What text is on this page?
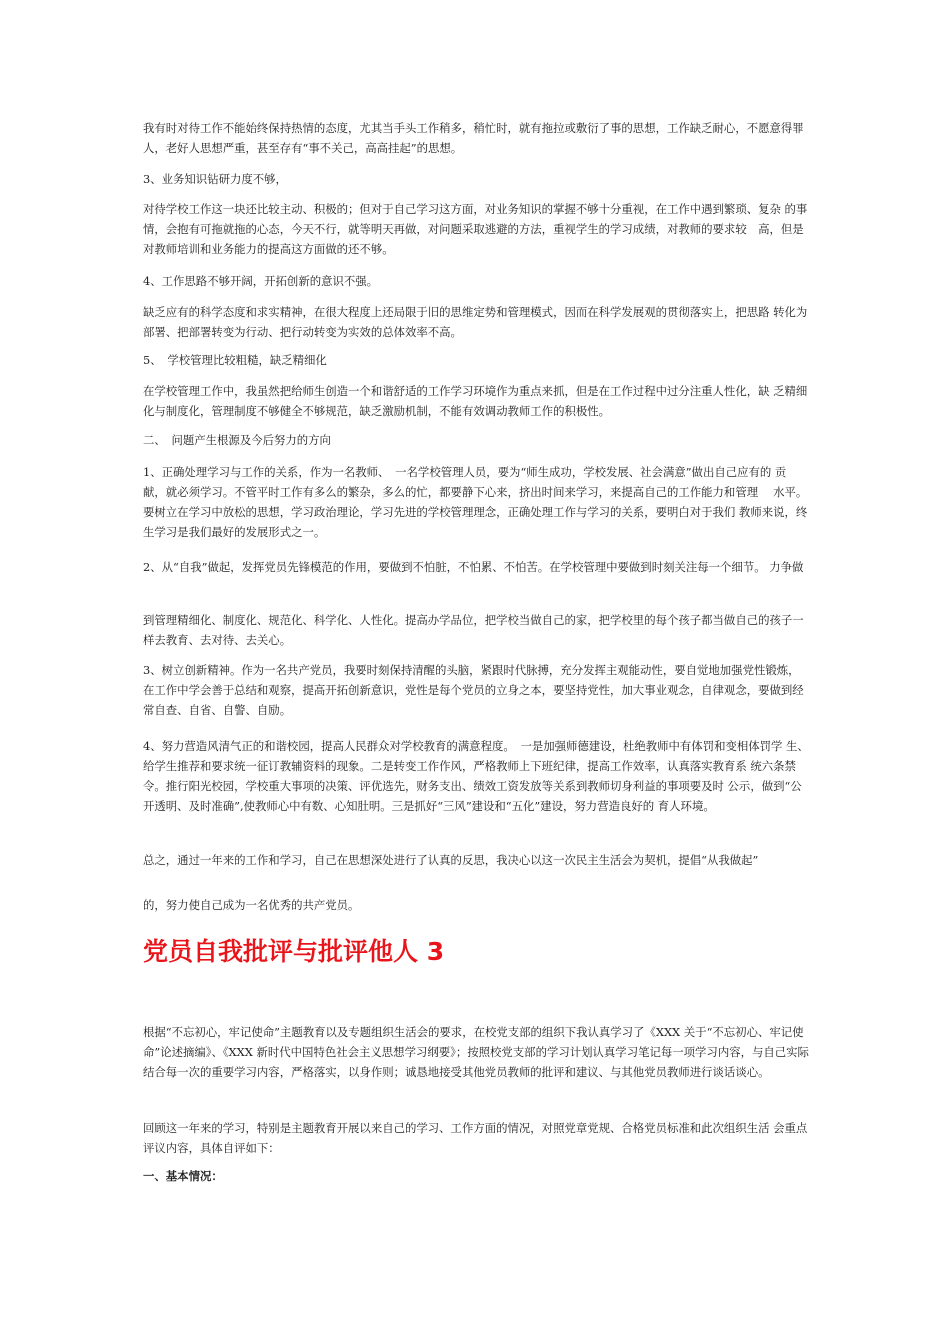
我有时对待工作不能始终保持热情的态度，尤其当手头工作稍多，稍忙时，就有拖拉或敷衍了事的思想，工作缺乏耐心，不愿意得罪人，老好人思想严重，甚至存有“事不关己，高高挂起”的思想。

3、业务知识钻研力度不够，

对待学校工作这一块还比较主动、积极的；但对于自己学习这方面，对业务知识的掌握不够十分重视，在工作中遇到繁琐、复杂 的事情，会抱有可拖就拖的心态，今天不行，就等明天再做，对问题采取逃避的方法，重视学生的学习成绩，对教师的要求较　高，但是对教师培训和业务能力的提高这方面做的还不够。

4、工作思路不够开阔，开拓创新的意识不强。

缺乏应有的科学态度和求实精神，在很大程度上还局限于旧的思维定势和管理模式，因而在科学发展观的贯彻落实上，把思路 转化为部署、把部署转变为行动、把行动转变为实效的总体效率不高。

5、　学校管理比较粗糙，缺乏精细化

在学校管理工作中，我虽然把给师生创造一个和谐舒适的工作学习环境作为重点来抓，但是在工作过程中过分注重人性化，缺 乏精细化与制度化，管理制度不够健全不够规范，缺乏激励机制，不能有效调动教师工作的积极性。

二、　问题产生根源及今后努力的方向

1、正确处理学习与工作的关系，作为一名教师、　一名学校管理人员，要为“师生成功，学校发展、社会满意”做出自己应有的 贡献，就必须学习。不管平时工作有多么的繁杂，多么的忙，都要静下心来，挤出时间来学习，来提高自己的工作能力和管理　 水平。要树立在学习中放松的思想，学习政治理论，学习先进的学校管理理念，正确处理工作与学习的关系，要明白对于我们 教师来说，终生学习是我们最好的发展形式之一。

2、从“自我”做起，发挥党员先锋模范的作用，要做到不怕脏，不怕累、不怕苦。在学校管理中要做到时刻关注每一个细节。 力争做

到管理精细化、制度化、规范化、科学化、人性化。提高办学品位，把学校当做自己的家，把学校里的每个孩子都当做自己的孩子一样去教育、去对待、去关心。

3、树立创新精神。作为一名共产党员，我要时刻保持清醒的头脑，紧跟时代脉搏，充分发挥主观能动性，要自觉地加强党性锻炼，在工作中学会善于总结和观察，提高开拓创新意识，党性是每个党员的立身之本，要坚持党性，加大事业观念，自律观念，要做到经常自查、自省、自警、自励。

4、努力营造风清气正的和谐校园，提高人民群众对学校教育的满意程度。　一是加强师德建设，杜绝教师中有体罚和变相体罚学 生、给学生推荐和要求统一征订教辅资料的现象。二是转变工作作风，严格教师上下班纪律，提高工作效率，认真落实教育系 统六条禁令。推行阳光校园，学校重大事项的决策、评优选先，财务支出、绩效工资发放等关系到教师切身利益的事项要及时 公示，做到“公开透明、及时准确”,使教师心中有数、心知肚明。三是抓好“三风”建设和“五化”建设，努力营造良好的 育人环境。

总之，通过一年来的工作和学习，自己在思想深处进行了认真的反思，我决心以这一次民主生活会为契机，提倡“从我做起”

的，努力使自己成为一名优秀的共产党员。

党员自我批评与批评他人 3

根据“不忘初心，牢记使命”主题教育以及专题组织生活会的要求，在校党支部的组织下我认真学习了《XXX 关于“不忘初心、牢记使命”论述摘编》、《XXX 新时代中国特色社会主义思想学习纲要》；按照校党支部的学习计划认真学习笔记每一项学习内容，与自己实际结合每一次的重要学习内容，严格落实，以身作则；诚恳地接受其他党员教师的批评和建议、与其他党员教师进行谈话谈心。

回顾这一年来的学习，特别是主题教育开展以来自己的学习、工作方面的情况，对照党章党规、合格党员标准和此次组织生活 会重点评议内容，具体自评如下：

一、基本情况：
